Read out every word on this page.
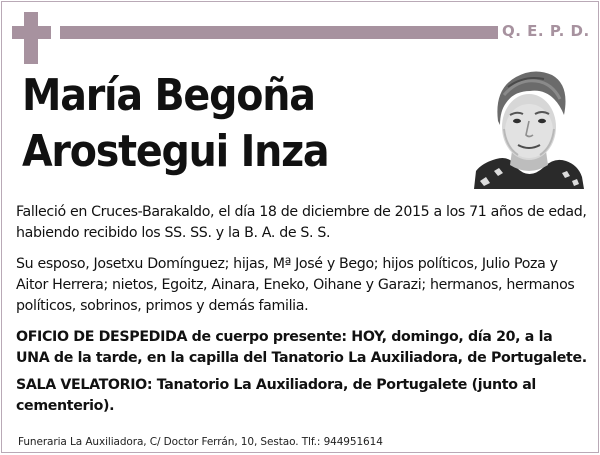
Q. E. P. D.
María Begoña
Arostegui Inza

Falleció en Cruces-Barakaldo, el día 18 de diciembre de 2015 a los 71 años de edad, habiendo recibido los SS. SS. y la B. A. de S. S.

Su esposo, Josetxu Domínguez; hijas, Mª José y Bego; hijos políticos, Julio Poza y Aitor Herrera; nietos, Egoitz, Ainara, Eneko, Oihane y Garazi; hermanos, hermanos políticos, sobrinos, primos y demás familia.

OFICIO DE DESPEDIDA de cuerpo presente: HOY, domingo, día 20, a la UNA de la tarde, en la capilla del Tanatorio La Auxiliadora, de Portugalete.

SALA VELATORIO: Tanatorio La Auxiliadora, de Portugalete (junto al cementerio).

Funeraria La Auxiliadora, C/ Doctor Ferrán, 10, Sestao. Tlf.: 944951614
